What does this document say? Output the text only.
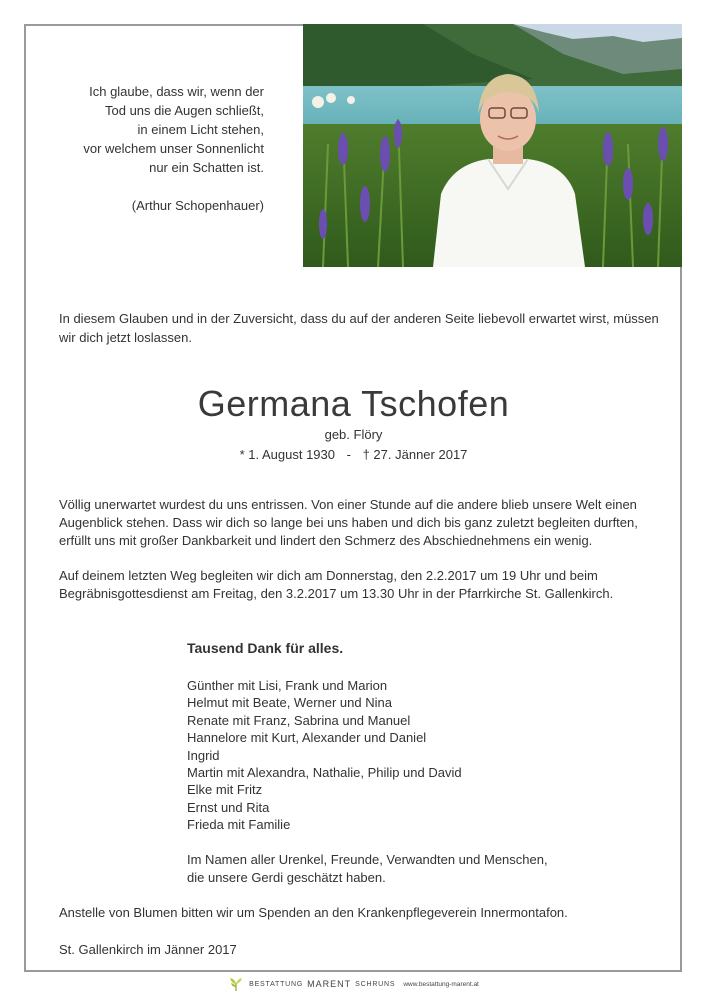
Ich glaube, dass wir, wenn der
Tod uns die Augen schließt,
in einem Licht stehen,
vor welchem unser Sonnenlicht
nur ein Schatten ist.
(Arthur Schopenhauer)
In diesem Glauben und in der Zuversicht, dass du auf der anderen Seite liebevoll erwartet wirst, müssen wir dich jetzt loslassen.
Germana Tschofen
geb. Flöry
* 1. August 1930 - † 27. Jänner 2017
Völlig unerwartet wurdest du uns entrissen. Von einer Stunde auf die andere blieb unsere Welt einen
Augenblick stehen. Dass wir dich so lange bei uns haben und dich bis ganz zuletzt begleiten durften,
erfüllt uns mit großer Dankbarkeit und lindert den Schmerz des Abschiednehmens ein wenig.
Auf deinem letzten Weg begleiten wir dich am Donnerstag, den 2.2.2017 um 19 Uhr und beim
Begräbnisgottesdienst am Freitag, den 3.2.2017 um 13.30 Uhr in der Pfarrkirche St. Gallenkirch.
Tausend Dank für alles.
Günther mit Lisi, Frank und Marion
Helmut mit Beate, Werner und Nina
Renate mit Franz, Sabrina und Manuel
Hannelore mit Kurt, Alexander und Daniel
Ingrid
Martin mit Alexandra, Nathalie, Philip und David
Elke mit Fritz
Ernst und Rita
Frieda mit Familie
Im Namen aller Urenkel, Freunde, Verwandten und Menschen,
die unsere Gerdi geschätzt haben.
Anstelle von Blumen bitten wir um Spenden an den Krankenpflegeverein Innermontafon.
St. Gallenkirch im Jänner 2017
BESTATTUNG MARENT SCHRUNS www.bestattung-marent.at
